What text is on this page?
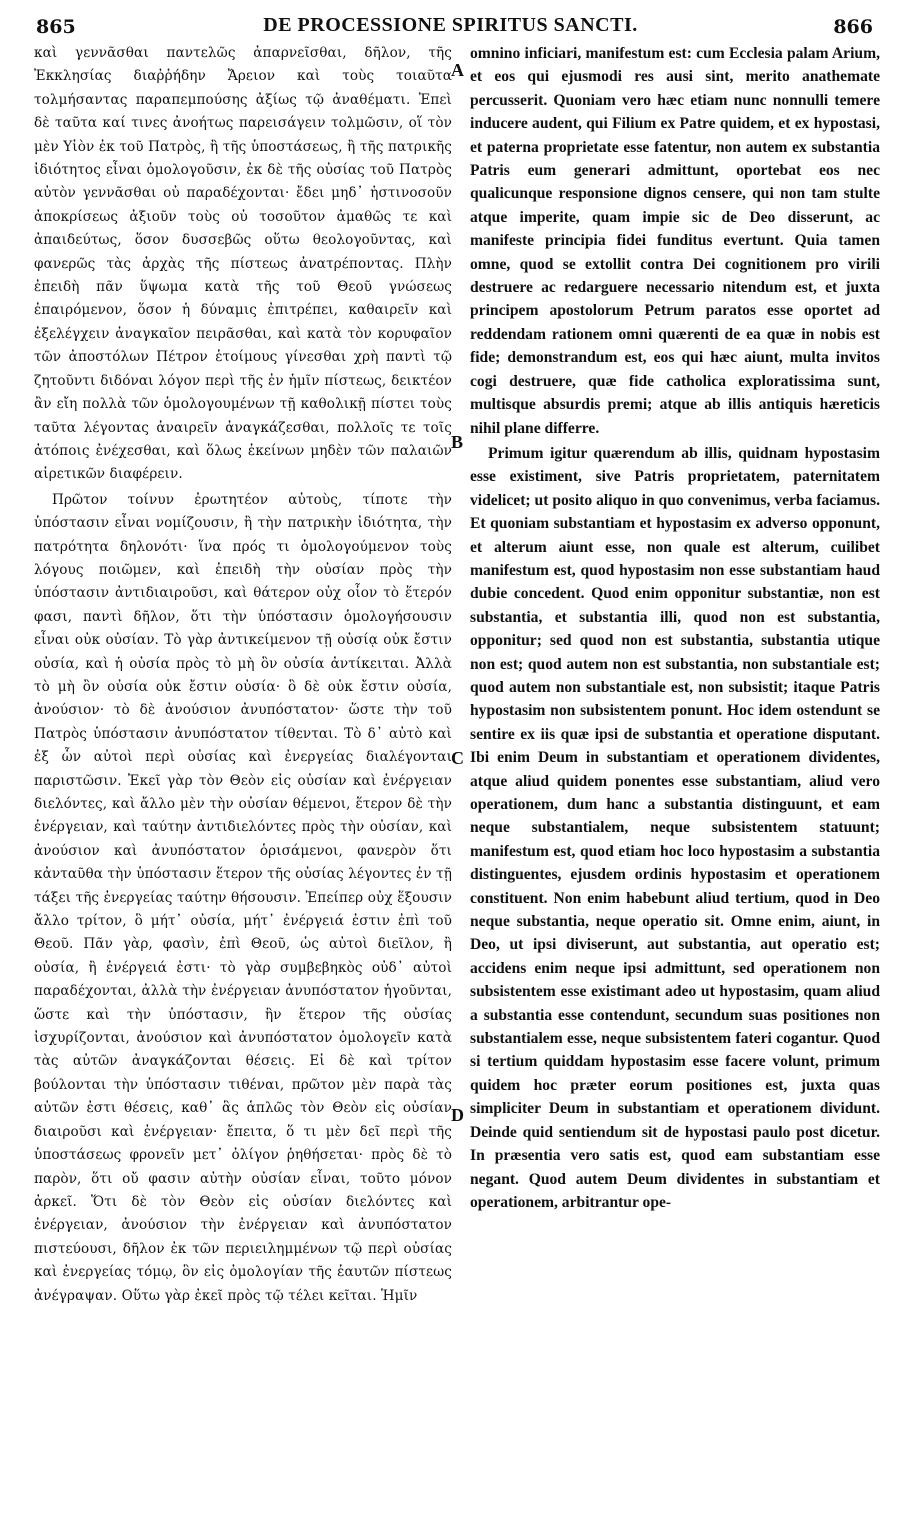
865	DE PROCESSIONE SPIRITUS SANCTI.	866

καὶ γεννᾶσθαι παντελῶς ἀπαρνεῖσθαι, δῆλον, τῆς Ἐκκλησίας διαῤῥήδην Ἄρειον καὶ τοὺς τοιαῦτα τολμήσαντας παραπεμπούσης ἀξίως τῷ ἀναθέματι. Ἐπεὶ δὲ ταῦτα καί τινες ἀνοήτως παρεισάγειν τολμῶσιν, οἵ τὸν μὲν Υἱὸν ἐκ τοῦ Πατρὸς, ἢ τῆς ὑποστάσεως, ἢ τῆς πατρικῆς ἰδιότητος εἶναι ὁμολογοῦσιν, ἐκ δὲ τῆς οὐσίας τοῦ Πατρὸς αὐτὸν γεννᾶσθαι οὐ παραδέχονται· ἔδει μηδ᾽ ἡστινοσοῦν ἀποκρίσεως ἀξιοῦν τοὺς οὐ τοσοῦτον ἀμαθῶς τε καὶ ἀπαιδεύτως, ὅσον δυσσεβῶς οὕτω θεολογοῦντας, καὶ φανερῶς τὰς ἀρχὰς τῆς πίστεως ἀνατρέποντας. Πλὴν ἐπειδὴ πᾶν ὕψωμα κατὰ τῆς τοῦ Θεοῦ γνώσεως ἐπαιρόμενον, ὅσον ἡ δύναμις ἐπιτρέπει, καθαιρεῖν καὶ ἐξελέγχειν ἀναγκαῖον πειρᾶσθαι, καὶ κατὰ τὸν κορυφαῖον τῶν ἀποστόλων Πέτρον ἑτοίμους γίνεσθαι χρὴ παντὶ τῷ ζητοῦντι διδόναι λόγον περὶ τῆς ἐν ἡμῖν πίστεως, δεικτέον ἂν εἴη πολλὰ τῶν ὁμολογουμένων τῇ καθολικῇ πίστει τοὺς ταῦτα λέγοντας ἀναιρεῖν ἀναγκάζεσθαι, πολλοῖς τε τοῖς ἀτόποις ἐνέχεσθαι, καὶ ὅλως ἐκείνων μηδὲν τῶν παλαιῶν αἱρετικῶν διαφέρειν.

Πρῶτον τοίνυν ἐρωτητέον αὐτοὺς, τίποτε τὴν ὑπόστασιν εἶναι νομίζουσιν, ἢ τὴν πατρικὴν ἰδιότητα, τὴν πατρότητα δηλονότι· ἵνα πρός τι ὁμολογούμενον τοὺς λόγους ποιῶμεν, καὶ ἐπειδὴ τὴν οὐσίαν πρὸς τὴν ὑπόστασιν ἀντιδιαιροῦσι, καὶ θάτερον οὐχ οἷον τὸ ἕτερόν φασι, παντὶ δῆλον, ὅτι τὴν ὑπόστασιν ὁμολογήσουσιν εἶναι οὐκ οὐσίαν. Τὸ γὰρ ἀντικείμενον τῇ οὐσίᾳ οὐκ ἔστιν οὐσία, καὶ ἡ οὐσία πρὸς τὸ μὴ ὂν οὐσία ἀντίκειται. Ἀλλὰ τὸ μὴ ὂν οὐσία οὐκ ἔστιν οὐσία· ὃ δὲ οὐκ ἔστιν οὐσία, ἀνούσιον· τὸ δὲ ἀνούσιον ἀνυπόστατον· ὥστε τὴν τοῦ Πατρὸς ὑπόστασιν ἀνυπόστατον τίθενται. Τὸ δ᾽ αὐτὸ καὶ ἐξ ὧν αὐτοὶ περὶ οὐσίας καὶ ἐνεργείας διαλέγονται παριστῶσιν. Ἐκεῖ γὰρ τὸν Θεὸν εἰς οὐσίαν καὶ ἐνέργειαν διελόντες, καὶ ἄλλο μὲν τὴν οὐσίαν θέμενοι, ἕτερον δὲ τὴν ἐνέργειαν, καὶ ταύτην ἀντιδιελόντες πρὸς τὴν οὐσίαν, καὶ ἀνούσιον καὶ ἀνυπόστατον ὁρισάμενοι, φανερὸν ὅτι κἀνταῦθα τὴν ὑπόστασιν ἕτερον τῆς οὐσίας λέγοντες ἐν τῇ τάξει τῆς ἐνεργείας ταύτην θήσουσιν. Ἐπείπερ οὐχ ἕξουσιν ἄλλο τρίτον, ὃ μήτ᾽ οὐσία, μήτ᾽ ἐνέργειά ἐστιν ἐπὶ τοῦ Θεοῦ. Πᾶν γὰρ, φασὶν, ἐπὶ Θεοῦ, ὡς αὐτοὶ διεῖλον, ἢ οὐσία, ἢ ἐνέργειά ἐστι· τὸ γὰρ συμβεβηκὸς οὐδ᾽ αὐτοὶ παραδέχονται, ἀλλὰ τὴν ἐνέργειαν ἀνυπόστατον ἡγοῦνται, ὥστε καὶ τὴν ὑπόστασιν, ἣν ἕτερον τῆς οὐσίας ἰσχυρίζονται, ἀνούσιον καὶ ἀνυπόστατον ὁμολογεῖν κατὰ τὰς αὐτῶν ἀναγκάζονται θέσεις. Εἰ δὲ καὶ τρίτον βούλονται τὴν ὑπόστασιν τιθέναι, πρῶτον μὲν παρὰ τὰς αὐτῶν ἐστι θέσεις, καθ᾽ ἃς ἁπλῶς τὸν Θεὸν εἰς οὐσίαν διαιροῦσι καὶ ἐνέργειαν· ἔπειτα, ὅ τι μὲν δεῖ περὶ τῆς ὑποστάσεως φρονεῖν μετ᾽ ὀλίγον ῥηθήσεται· πρὸς δὲ τὸ παρὸν, ὅτι οὔ φασιν αὐτὴν οὐσίαν εἶναι, τοῦτο μόνον ἀρκεῖ. Ὅτι δὲ τὸν Θεὸν εἰς οὐσίαν διελόντες καὶ ἐνέργειαν, ἀνούσιον τὴν ἐνέργειαν καὶ ἀνυπόστατον πιστεύουσι, δῆλον ἐκ τῶν περιειλημμένων τῷ περὶ οὐσίας καὶ ἐνεργείας τόμῳ, ὃν εἰς ὁμολογίαν τῆς ἑαυτῶν πίστεως ἀνέγραψαν. Οὕτω γὰρ ἐκεῖ πρὸς τῷ τέλει κεῖται. Ἡμῖν

A
B
C
D

omnino inficiari, manifestum est: cum Ecclesia palam Arium, et eos qui ejusmodi res ausi sint, merito anathemate percusserit. Quoniam vero hæc etiam nunc nonnulli temere inducere audent, qui Filium ex Patre quidem, et ex hypostasi, et paterna proprietate esse fatentur, non autem ex substantia Patris eum generari admittunt, oportebat eos nec qualicunque responsione dignos censere, qui non tam stulte atque imperite, quam impie sic de Deo disserunt, ac manifeste principia fidei funditus evertunt. Quia tamen omne, quod se extollit contra Dei cognitionem pro virili destruere ac redarguere necessario nitendum est, et juxta principem apostolorum Petrum paratos esse oportet ad reddendam rationem omni quærenti de ea quæ in nobis est fide; demonstrandum est, eos qui hæc aiunt, multa invitos cogi destruere, quæ fide catholica exploratissima sunt, multisque absurdis premi; atque ab illis antiquis hæreticis nihil plane differre.

Primum igitur quærendum ab illis, quidnam hypostasim esse existiment, sive Patris proprietatem, paternitatem videlicet; ut posito aliquo in quo convenimus, verba faciamus. Et quoniam substantiam et hypostasim ex adverso opponunt, et alterum aiunt esse, non quale est alterum, cuilibet manifestum est, quod hypostasim non esse substantiam haud dubie concedent. Quod enim opponitur substantiæ, non est substantia, et substantia illi, quod non est substantia, opponitur; sed quod non est substantia, substantia utique non est; quod autem non est substantia, non substantiale est; quod autem non substantiale est, non subsistit; itaque Patris hypostasim non subsistentem ponunt. Hoc idem ostendunt se sentire ex iis quæ ipsi de substantia et operatione disputant. Ibi enim Deum in substantiam et operationem dividentes, atque aliud quidem ponentes esse substantiam, aliud vero operationem, dum hanc a substantia distinguunt, et eam neque substantialem, neque subsistentem statuunt; manifestum est, quod etiam hoc loco hypostasim a substantia distinguentes, ejusdem ordinis hypostasim et operationem constituent. Non enim habebunt aliud tertium, quod in Deo neque substantia, neque operatio sit. Omne enim, aiunt, in Deo, ut ipsi diviserunt, aut substantia, aut operatio est; accidens enim neque ipsi admittunt, sed operationem non subsistentem esse existimant adeo ut hypostasim, quam aliud a substantia esse contendunt, secundum suas positiones non substantialem esse, neque subsistentem fateri cogantur. Quod si tertium quiddam hypostasim esse facere volunt, primum quidem hoc præter eorum positiones est, juxta quas simpliciter Deum in substantiam et operationem dividunt. Deinde quid sentiendum sit de hypostasi paulo post dicetur. In præsentia vero satis est, quod eam substantiam esse negant. Quod autem Deum dividentes in substantiam et operationem, arbitrantur ope-
